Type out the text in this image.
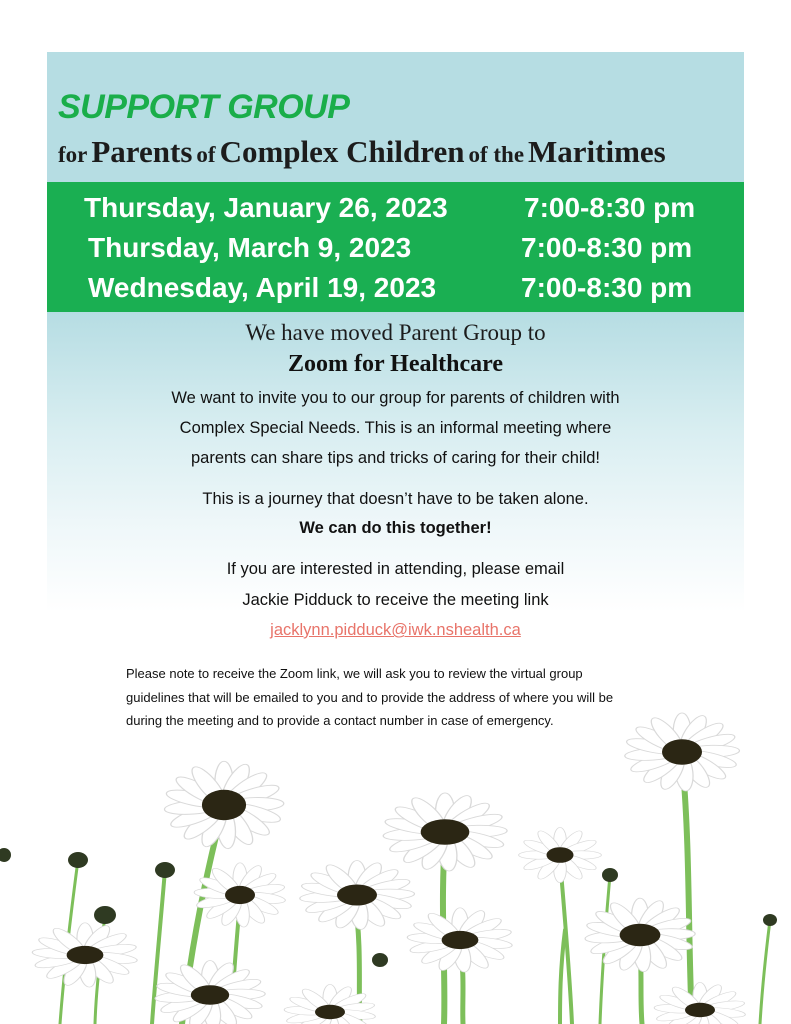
SUPPORT GROUP
for Parents of Complex Children of the Maritimes
Thursday, January 26, 2023	7:00-8:30 pm
Thursday, March 9, 2023	7:00-8:30 pm
Wednesday, April 19, 2023	7:00-8:30 pm
We have moved Parent Group to
Zoom for Healthcare
We want to invite you to our group for parents of children with
Complex Special Needs. This is an informal meeting where
parents can share tips and tricks of caring for their child!
This is a journey that doesn’t have to be taken alone.
We can do this together!
If you are interested in attending, please email
Jackie Pidduck to receive the meeting link
jacklynn.pidduck@iwk.nshealth.ca
Please note to receive the Zoom link, we will ask you to review the virtual group
guidelines that will be emailed to you and to provide the address of where you will be
during the meeting and to provide a contact number in case of emergency.
